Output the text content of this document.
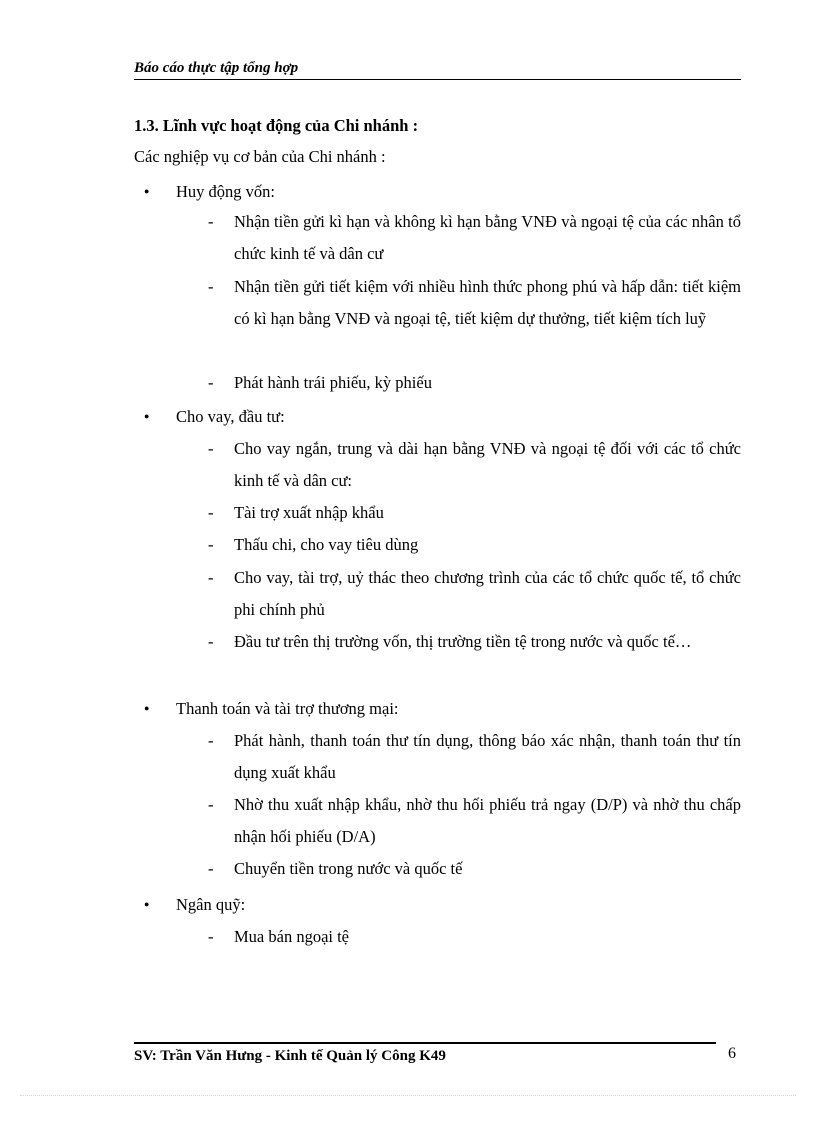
Báo cáo thực tập tổng hợp
1.3. Lĩnh vực hoạt động của Chi nhánh :
Các nghiệp vụ cơ bản của Chi nhánh :
●
Huy động vốn:
-	Nhận tiền gửi kì hạn và không kì hạn bằng VNĐ và ngoại tệ của các nhân tổ chức kinh tế và dân cư
-	Nhận tiền gửi tiết kiệm với nhiều hình thức phong phú và hấp dẫn: tiết kiệm có kì hạn bằng VNĐ và ngoại tệ, tiết kiệm dự thưởng, tiết kiệm tích luỹ
-	Phát hành trái phiếu, kỳ phiếu
●
Cho vay, đầu tư:
-	Cho vay ngắn, trung và dài hạn bằng VNĐ và ngoại tệ đối với các tổ chức kinh tế và dân cư:
-	Tài trợ xuất nhập khẩu
-	Thấu chi, cho vay tiêu dùng
-	Cho vay, tài trợ, uỷ thác theo chương trình của các tổ chức quốc tế, tổ chức phi chính phủ
-	Đầu tư trên thị trường vốn, thị trường tiền tệ trong nước và quốc tế…
●
Thanh toán và tài trợ thương mại:
-	Phát hành, thanh toán thư tín dụng, thông báo xác nhận, thanh toán thư tín dụng xuất khẩu
-	Nhờ thu xuất nhập khẩu, nhờ thu hối phiếu trả ngay (D/P) và nhờ thu chấp nhận hối phiếu (D/A)
-	Chuyển tiền trong nước và quốc tế
●
Ngân quỹ:
-	Mua bán ngoại tệ
SV: Trần Văn Hưng - Kinh tế Quản lý Công K49	6
